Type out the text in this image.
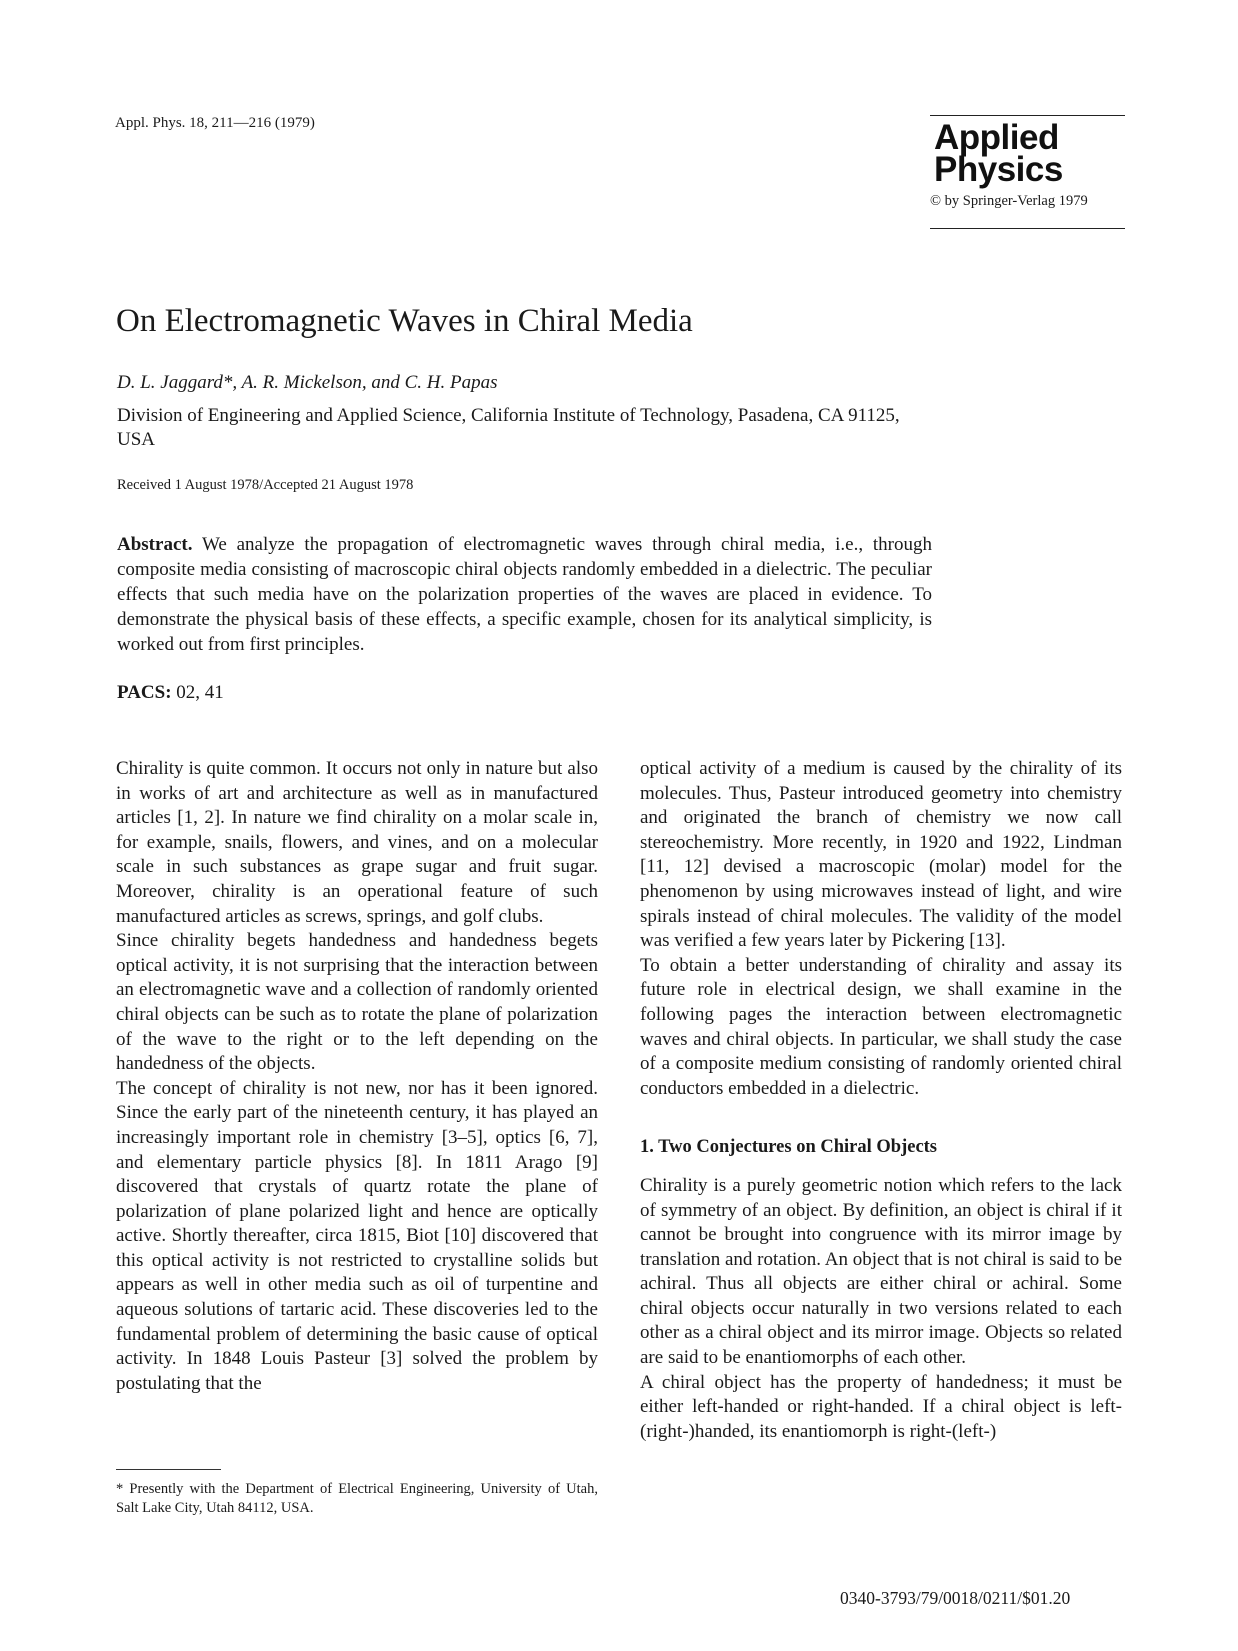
Appl. Phys. 18, 211—216 (1979)	Applied
Physics
© by Springer-Verlag 1979
On Electromagnetic Waves in Chiral Media
D. L. Jaggard*, A. R. Mickelson, and C. H. Papas
Division of Engineering and Applied Science, California Institute of Technology, Pasadena, CA 91125, USA
Received 1 August 1978/Accepted 21 August 1978
Abstract. We analyze the propagation of electromagnetic waves through chiral media, i.e., through composite media consisting of macroscopic chiral objects randomly embedded in a dielectric. The peculiar effects that such media have on the polarization properties of the waves are placed in evidence. To demonstrate the physical basis of these effects, a specific example, chosen for its analytical simplicity, is worked out from first principles.
PACS: 02, 41

Chirality is quite common. It occurs not only in nature but also in works of art and architecture as well as in manufactured articles [1, 2]. In nature we find chirality on a molar scale in, for example, snails, flowers, and vines, and on a molecular scale in such substances as grape sugar and fruit sugar. Moreover, chirality is an operational feature of such manufactured articles as screws, springs, and golf clubs.

Since chirality begets handedness and handedness begets optical activity, it is not surprising that the interaction between an electromagnetic wave and a collection of randomly oriented chiral objects can be such as to rotate the plane of polarization of the wave to the right or to the left depending on the handedness of the objects.

The concept of chirality is not new, nor has it been ignored. Since the early part of the nineteenth century, it has played an increasingly important role in chemistry [3–5], optics [6, 7], and elementary particle physics [8]. In 1811 Arago [9] discovered that crystals of quartz rotate the plane of polarization of plane polarized light and hence are optically active. Shortly thereafter, circa 1815, Biot [10] discovered that this optical activity is not restricted to crystalline solids but appears as well in other media such as oil of turpentine and aqueous solutions of tartaric acid. These discoveries led to the fundamental problem of determining the basic cause of optical activity. In 1848 Louis Pasteur [3] solved the problem by postulating that the

optical activity of a medium is caused by the chirality of its molecules. Thus, Pasteur introduced geometry into chemistry and originated the branch of chemistry we now call stereochemistry. More recently, in 1920 and 1922, Lindman [11, 12] devised a macroscopic (molar) model for the phenomenon by using microwaves instead of light, and wire spirals instead of chiral molecules. The validity of the model was verified a few years later by Pickering [13].

To obtain a better understanding of chirality and assay its future role in electrical design, we shall examine in the following pages the interaction between electromagnetic waves and chiral objects. In particular, we shall study the case of a composite medium consisting of randomly oriented chiral conductors embedded in a dielectric.

1. Two Conjectures on Chiral Objects

Chirality is a purely geometric notion which refers to the lack of symmetry of an object. By definition, an object is chiral if it cannot be brought into congruence with its mirror image by translation and rotation. An object that is not chiral is said to be achiral. Thus all objects are either chiral or achiral. Some chiral objects occur naturally in two versions related to each other as a chiral object and its mirror image. Objects so related are said to be enantiomorphs of each other.

A chiral object has the property of handedness; it must be either left-handed or right-handed. If a chiral object is left-(right-)handed, its enantiomorph is right-(left-)

* Presently with the Department of Electrical Engineering, University of Utah, Salt Lake City, Utah 84112, USA.
0340-3793/79/0018/0211/$01.20
